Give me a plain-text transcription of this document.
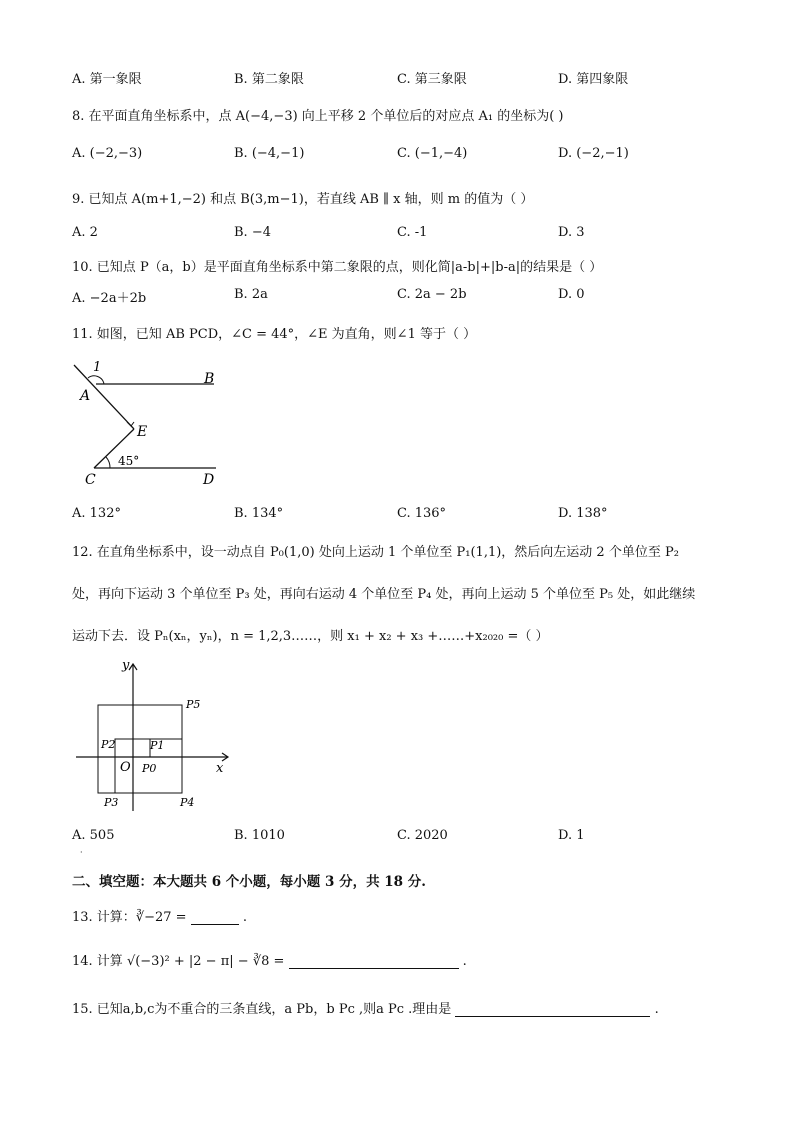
A. 第一象限	B. 第二象限	C. 第三象限	D. 第四象限
8. 在平面直角坐标系中，点 A(−4,−3) 向上平移 2 个单位后的对应点 A₁ 的坐标为( )
A. (−2,−3)	B. (−4,−1)	C. (−1,−4)	D. (−2,−1)
9. 已知点 A(m+1,−2) 和点 B(3,m−1)，若直线 AB ∥ x 轴，则 m 的值为（ ）
A. 2	B. −4	C. -1	D. 3
10. 已知点 P（a，b）是平面直角坐标系中第二象限的点，则化简|a-b|+|b-a|的结果是（ ）
A. −2a＋2b	B. 2a	C. 2a − 2b	D. 0
11. 如图，已知 AB PCD，∠C = 44°，∠E 为直角，则∠1 等于（ ）
1
A
B
E
45°
C	D
A. 132°	B. 134°	C. 136°	D. 138°
12. 在直角坐标系中，设一动点自 P₀(1,0) 处向上运动 1 个单位至 P₁(1,1)，然后向左运动 2 个单位至 P₂
处，再向下运动 3 个单位至 P₃ 处，再向右运动 4 个单位至 P₄ 处，再向上运动 5 个单位至 P₅ 处，如此继续
运动下去．设 Pₙ(xₙ，yₙ)，n = 1,2,3……，则 x₁ + x₂ + x₃ +……+x₂₀₂₀ =（ ）
y
x
O P0
P1
P2
P3	P4
P5
A. 505	B. 1010	C. 2020	D. 1
·
二、填空题：本大题共 6 个小题，每小题 3 分，共 18 分.
13. 计算：∛−27 =	.
14. 计算 √(−3)² + |2 − π| − ∛8 =	.
15. 已知a,b,c为不重合的三条直线，a Pb，b Pc ,则a Pc .理由是	.
